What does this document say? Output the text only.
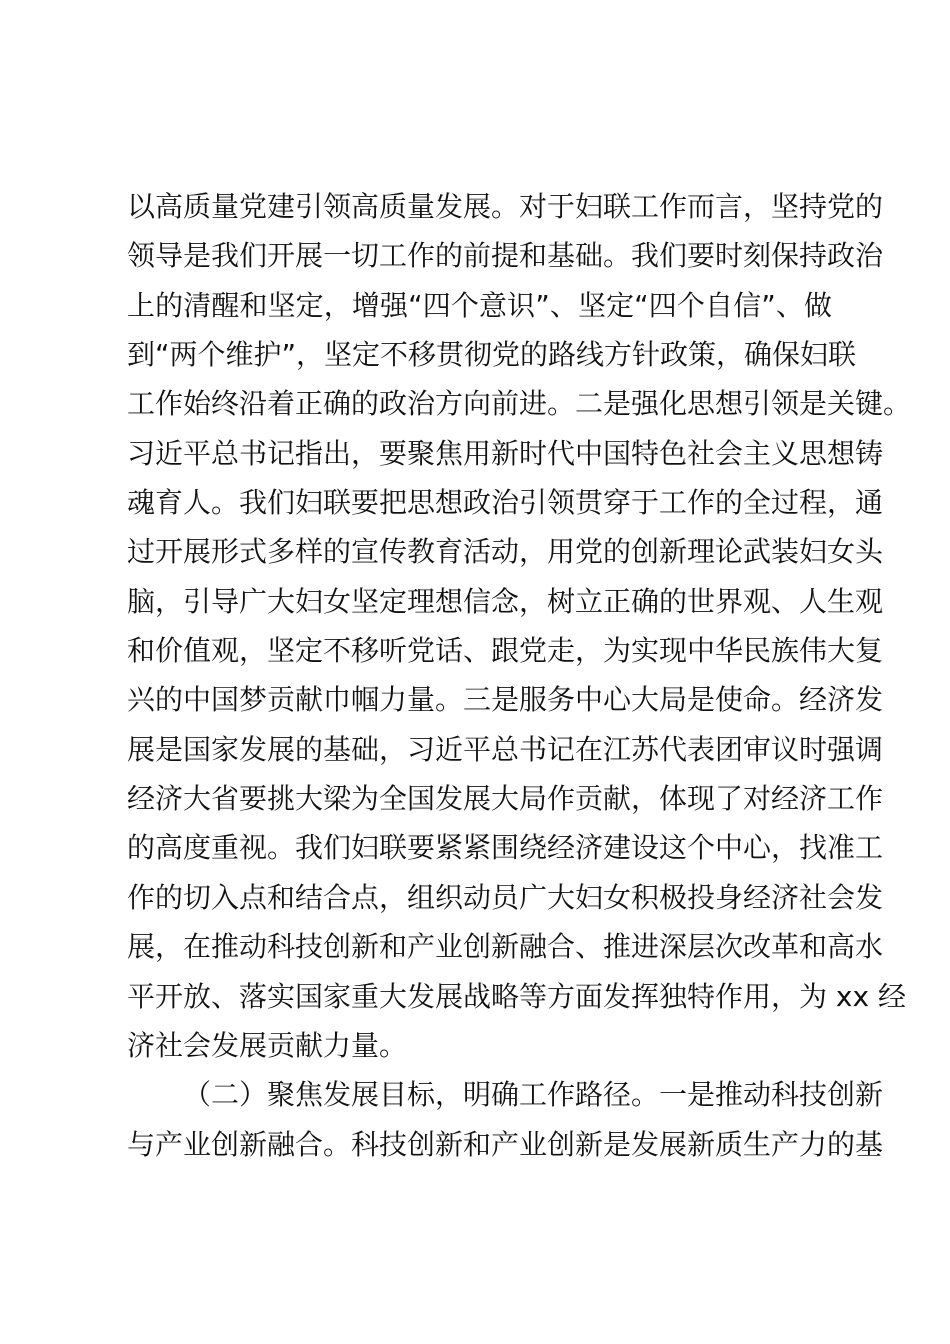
以高质量党建引领高质量发展。对于妇联工作而言，坚持党的
领导是我们开展一切工作的前提和基础。我们要时刻保持政治
上的清醒和坚定，增强“四个意识”、坚定“四个自信”、做
到“两个维护”，坚定不移贯彻党的路线方针政策，确保妇联
工作始终沿着正确的政治方向前进。二是强化思想引领是关键。
习近平总书记指出，要聚焦用新时代中国特色社会主义思想铸
魂育人。我们妇联要把思想政治引领贯穿于工作的全过程，通
过开展形式多样的宣传教育活动，用党的创新理论武装妇女头
脑，引导广大妇女坚定理想信念，树立正确的世界观、人生观
和价值观，坚定不移听党话、跟党走，为实现中华民族伟大复
兴的中国梦贡献巾帼力量。三是服务中心大局是使命。经济发
展是国家发展的基础，习近平总书记在江苏代表团审议时强调
经济大省要挑大梁为全国发展大局作贡献，体现了对经济工作
的高度重视。我们妇联要紧紧围绕经济建设这个中心，找准工
作的切入点和结合点，组织动员广大妇女积极投身经济社会发
展，在推动科技创新和产业创新融合、推进深层次改革和高水
平开放、落实国家重大发展战略等方面发挥独特作用，为 xx 经
济社会发展贡献力量。
（二）聚焦发展目标，明确工作路径。一是推动科技创新
与产业创新融合。科技创新和产业创新是发展新质生产力的基
